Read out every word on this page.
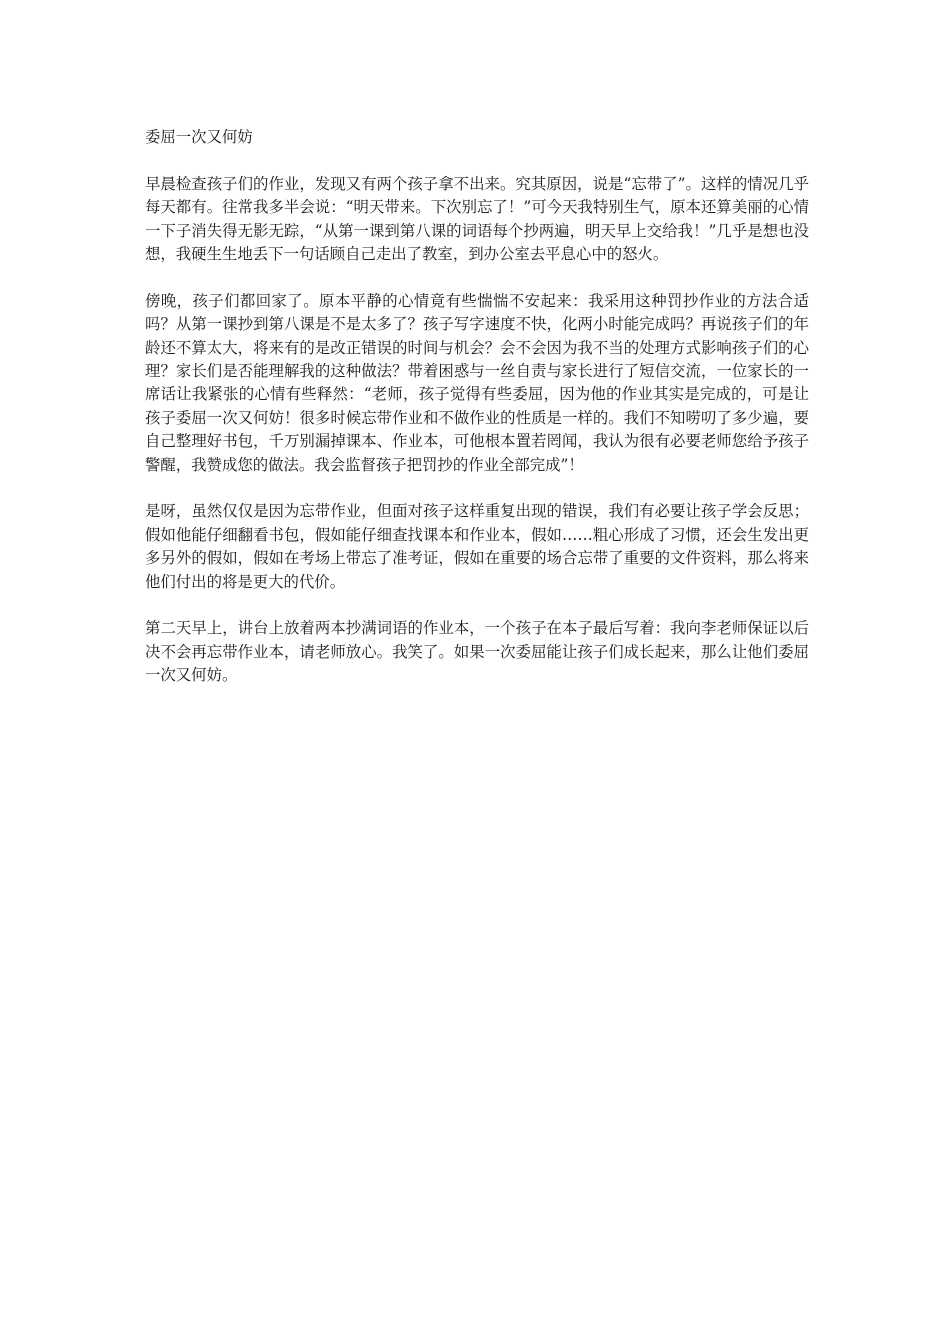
委屈一次又何妨

早晨检查孩子们的作业，发现又有两个孩子拿不出来。究其原因，说是“忘带了”。这样的情况几乎每天都有。往常我多半会说：“明天带来。下次别忘了！”可今天我特别生气，原本还算美丽的心情一下子消失得无影无踪，“从第一课到第八课的词语每个抄两遍，明天早上交给我！”几乎是想也没想，我硬生生地丢下一句话顾自己走出了教室，到办公室去平息心中的怒火。

傍晚，孩子们都回家了。原本平静的心情竟有些惴惴不安起来：我采用这种罚抄作业的方法合适吗？从第一课抄到第八课是不是太多了？孩子写字速度不快，化两小时能完成吗？再说孩子们的年龄还不算太大，将来有的是改正错误的时间与机会？会不会因为我不当的处理方式影响孩子们的心理？家长们是否能理解我的这种做法？带着困惑与一丝自责与家长进行了短信交流，一位家长的一席话让我紧张的心情有些释然：“老师，孩子觉得有些委屈，因为他的作业其实是完成的，可是让孩子委屈一次又何妨！很多时候忘带作业和不做作业的性质是一样的。我们不知唠叨了多少遍，要自己整理好书包，千万别漏掉课本、作业本，可他根本置若罔闻，我认为很有必要老师您给予孩子警醒，我赞成您的做法。我会监督孩子把罚抄的作业全部完成”！

是呀，虽然仅仅是因为忘带作业，但面对孩子这样重复出现的错误，我们有必要让孩子学会反思；假如他能仔细翻看书包，假如能仔细查找课本和作业本，假如……粗心形成了习惯，还会生发出更多另外的假如，假如在考场上带忘了准考证，假如在重要的场合忘带了重要的文件资料，那么将来他们付出的将是更大的代价。

第二天早上，讲台上放着两本抄满词语的作业本，一个孩子在本子最后写着：我向李老师保证以后决不会再忘带作业本，请老师放心。我笑了。如果一次委屈能让孩子们成长起来，那么让他们委屈一次又何妨。
